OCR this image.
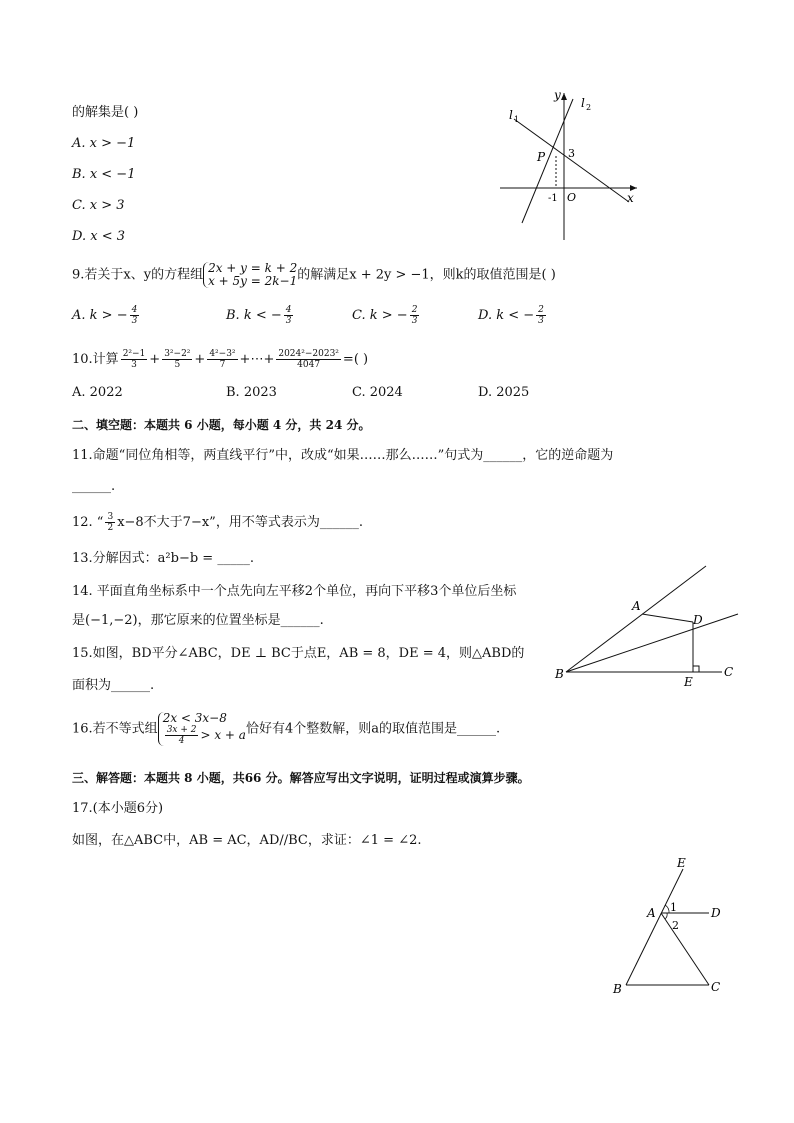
的解集是( )
A. x > −1
B. x < −1
C. x > 3
D. x < 3
y
l 1
l 2
P 3
-1 O	x
9.若关于x、y的方程组 2x + y = k + 2
x + 5y = 2k−1 的解满足x + 2y > −1，则k的取值范围是( )
A. k > − $\frac{4}{3}$	B. k < − $\frac{4}{3}$	C. k > − $\frac{2}{3}$	D. k < − $\frac{2}{3}$
10.计算 $\frac{\text{2²−1}}{3} + \frac{\text{3²−2²}}{5} + \frac{\text{4²−3²}}{7}$ +⋯+ $\frac{\text{2024²−2023²}}{4047}$ =( )
A. 2022	B. 2023	C. 2024	D. 2025
二、填空题：本题共 6 小题，每小题 4 分，共 24 分。
11.命题“同位角相等，两直线平行”中，改成“如果……那么……”句式为______，它的逆命题为
______.
12. “ $\frac{3}{2} x-8$不大于7−x”，用不等式表示为______.
13.分解因式：a²b−b = _____.
14. 平面直角坐标系中一个点先向左平移2个单位，再向下平移3个单位后坐标
是(−1,−2)，那它原来的位置坐标是______.
15.如图，BD平分∠ABC，DE ⊥ BC于点E，AB = 8，DE = 4，则△ABD的
面积为______.
A
D
B	C
E
16.若不等式组
2x < 3x−8
$\frac{3x + 2}{4} > x + a$ 恰好有4个整数解，则a的取值范围是______.
三、解答题：本题共 8 小题，共66 分。解答应写出文字说明，证明过程或演算步骤。
17.(本小题6分)
如图，在△ABC中，AB = AC，AD//BC，求证：∠1 = ∠2.
E
A 1
2
D
B	C
